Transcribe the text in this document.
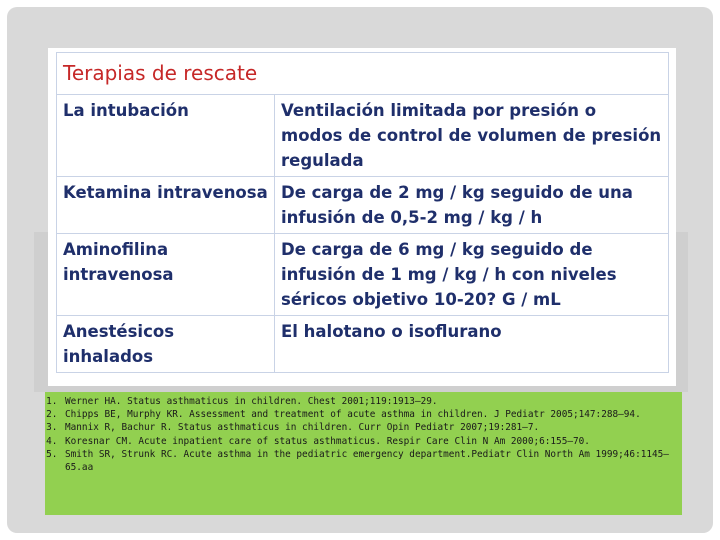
Terapias de rescate	
La intubación	Ventilación limitada por presión o modos de control de volumen de presión regulada
Ketamina intravenosa	De carga de 2 mg / kg seguido de una infusión de 0,5-2 mg / kg / h
Aminofilina intravenosa	De carga de 6 mg / kg seguido de infusión de 1 mg / kg / h con niveles séricos objetivo 10-20? G / mL
Anestésicos inhalados	El halotano o isoflurano
1. Werner HA. Status asthmaticus in children. Chest 2001;119:1913–29.
2. Chipps BE, Murphy KR. Assessment and treatment of acute asthma in children. J Pediatr 2005;147:288–94.
3. Mannix R, Bachur R. Status asthmaticus in children. Curr Opin Pediatr 2007;19:281–7.
4. Koresnar CM. Acute inpatient care of status asthmaticus. Respir Care Clin N Am 2000;6:155–70.
5. Smith SR, Strunk RC. Acute asthma in the pediatric emergency department.Pediatr Clin North Am 1999;46:1145–65.aa
